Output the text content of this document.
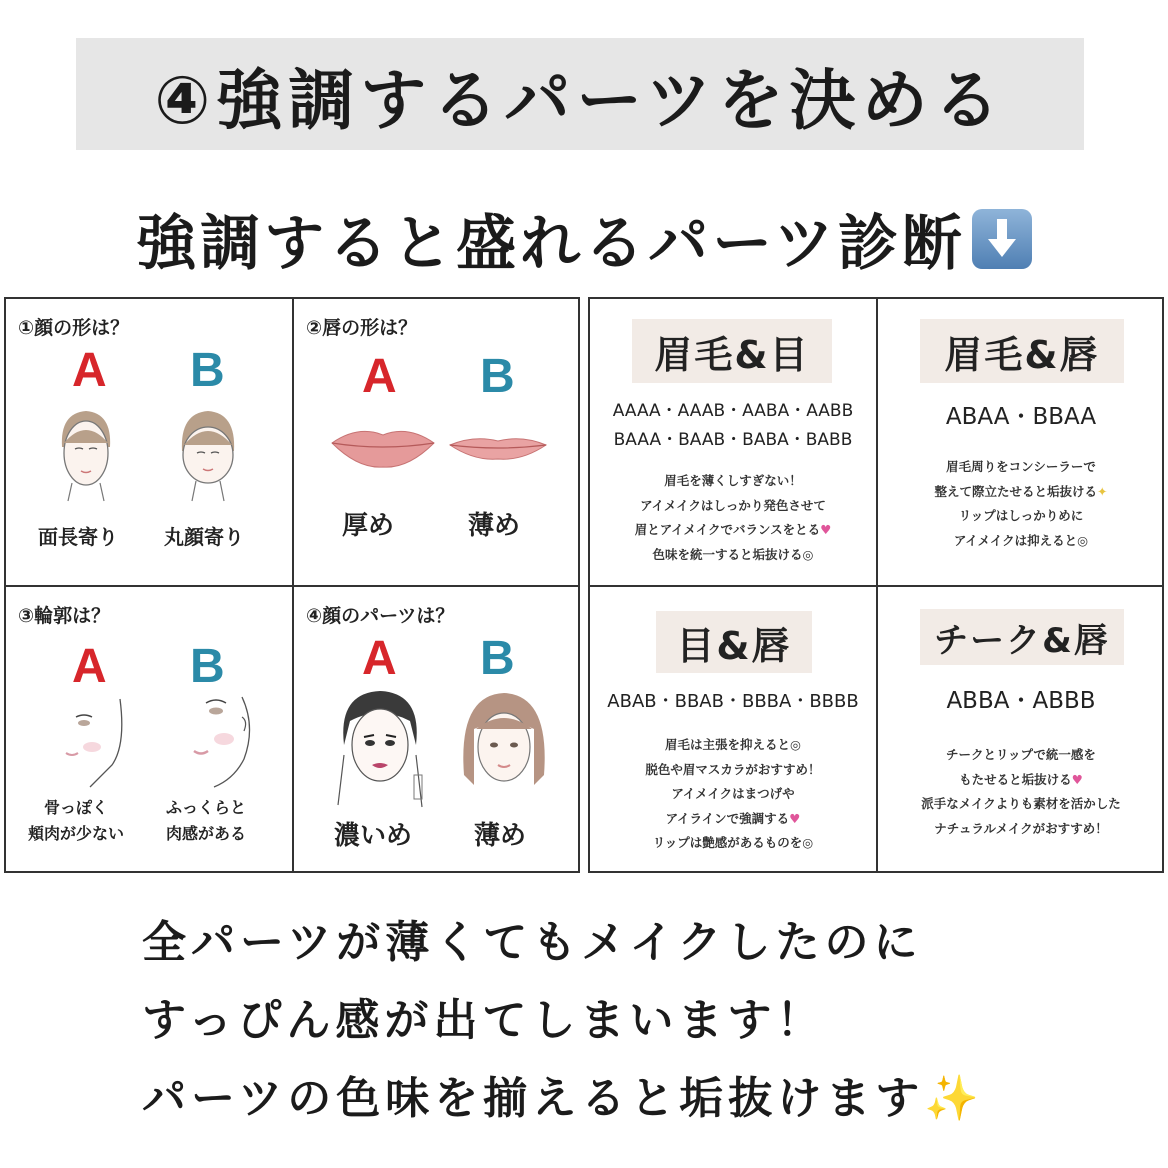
④強調するパーツを決める
強調すると盛れるパーツ診断
①顔の形は？
A B
面長寄り 丸顔寄り
②唇の形は？
A B
厚め	薄め
③輪郭は？
A B
骨っぽく
頬肉が少ない
ふっくらと
肉感がある
④顔のパーツは？
A B
濃いめ 薄め
眉毛&目
AAAA・AAAB・AABA・AABB
BAAA・BAAB・BABA・BABB
眉毛を薄くしすぎない！
アイメイクはしっかり発色させて
眉とアイメイクでバランスをとる♥
色味を統一すると垢抜ける◎
眉毛&唇
ABAA・BBAA
眉毛周りをコンシーラーで
整えて際立たせると垢抜ける✦
リップはしっかりめに
アイメイクは抑えると◎
目&唇
ABAB・BBAB・BBBA・BBBB
眉毛は主張を抑えると◎
脱色や眉マスカラがおすすめ！
アイメイクはまつげや
アイラインで強調する♥
リップは艶感があるものを◎
チーク&唇
ABBA・ABBB
チークとリップで統一感を
もたせると垢抜ける♥
派手なメイクよりも素材を活かした
ナチュラルメイクがおすすめ！
全パーツが薄くてもメイクしたのに
すっぴん感が出てしまいます！
パーツの色味を揃えると垢抜けます✨
